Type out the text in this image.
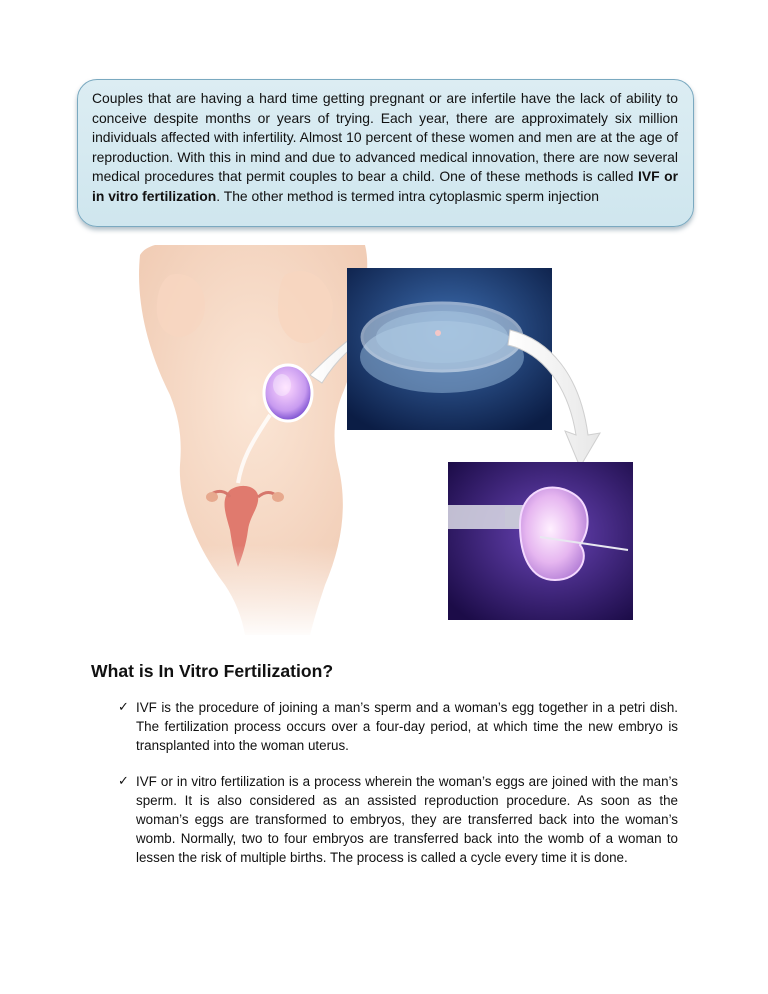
Couples that are having a hard time getting pregnant or are infertile have the lack of ability to conceive despite months or years of trying. Each year, there are approximately six million individuals affected with infertility. Almost 10 percent of these women and men are at the age of reproduction. With this in mind and due to advanced medical innovation, there are now several medical procedures that permit couples to bear a child. One of these methods is called IVF or in vitro fertilization. The other method is termed intra cytoplasmic sperm injection
What is In Vitro Fertilization?
✓ IVF is the procedure of joining a man’s sperm and a woman’s egg together in a petri dish. The fertilization process occurs over a four-day period, at which time the new embryo is transplanted into the woman uterus.
✓ IVF or in vitro fertilization is a process wherein the woman’s eggs are joined with the man’s sperm. It is also considered as an assisted reproduction procedure. As soon as the woman’s eggs are transformed to embryos, they are transferred back into the woman’s womb. Normally, two to four embryos are transferred back into the womb of a woman to lessen the risk of multiple births. The process is called a cycle every time it is done.
